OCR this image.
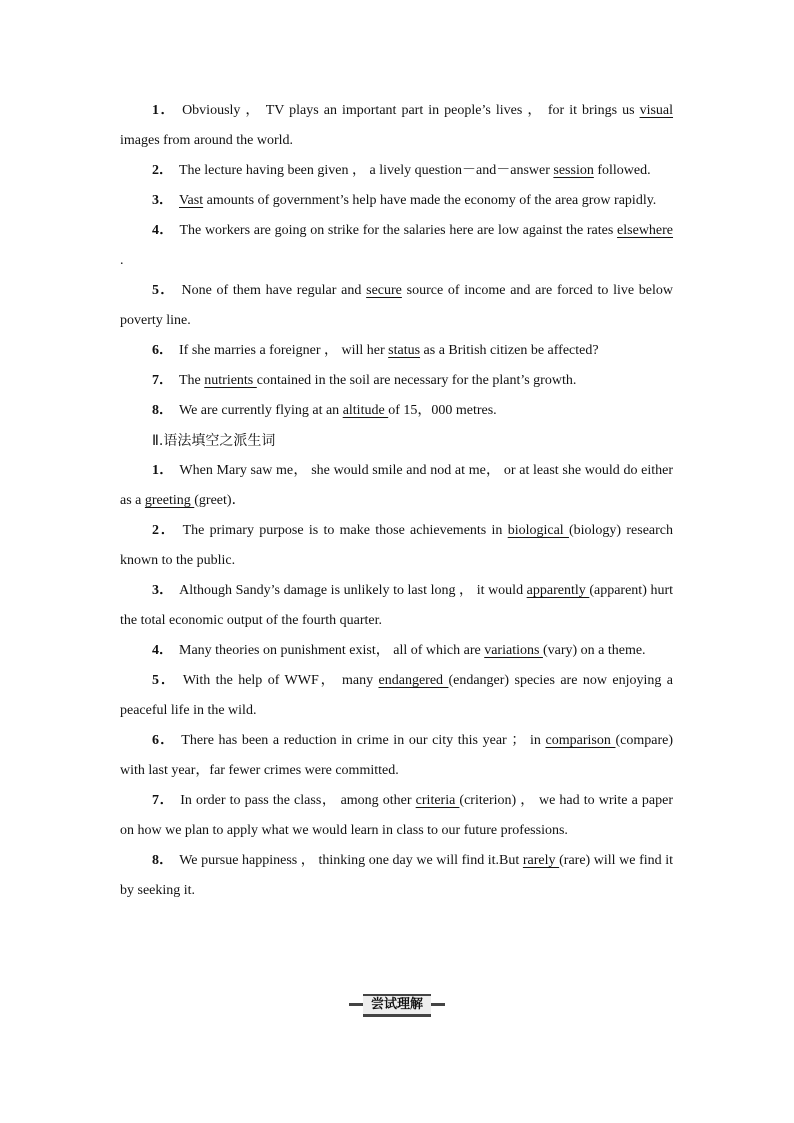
1． Obviously ， TV plays an important part in people’s lives ， for it brings us visual images from around the world.

2． The lecture having been given ， a lively question－and－answer session followed.

3． Vast amounts of government’s help have made the economy of the area grow rapidly.

4． The workers are going on strike for the salaries here are low against the rates elsewhere .

5． None of them have regular and secure source of income and are forced to live below poverty line.

6． If she marries a foreigner ， will her status as a British citizen be affected?

7． The nutrients contained in the soil are necessary for the plant’s growth.

8． We are currently flying at an altitude of 15，000 metres.

Ⅱ.语法填空之派生词

1． When Mary saw me， she would smile and nod at me， or at least she would do either as a greeting (greet)．

2． The primary purpose is to make those achievements in biological (biology) research known to the public.

3． Although Sandy’s damage is unlikely to last long ， it would apparently (apparent) hurt the total economic output of the fourth quarter.

4． Many theories on punishment exist， all of which are variations (vary) on a theme.

5． With the help of WWF， many endangered (endanger) species are now enjoying a peaceful life in the wild.

6． There has been a reduction in crime in our city this year ； in comparison (compare) with last year，far fewer crimes were committed.

7． In order to pass the class， among other criteria (criterion) ， we had to write a paper on how we plan to apply what we would learn in class to our future professions.

8． We pursue happiness ， thinking one day we will find it.But rarely (rare) will we find it by seeking it.

尝试理解
